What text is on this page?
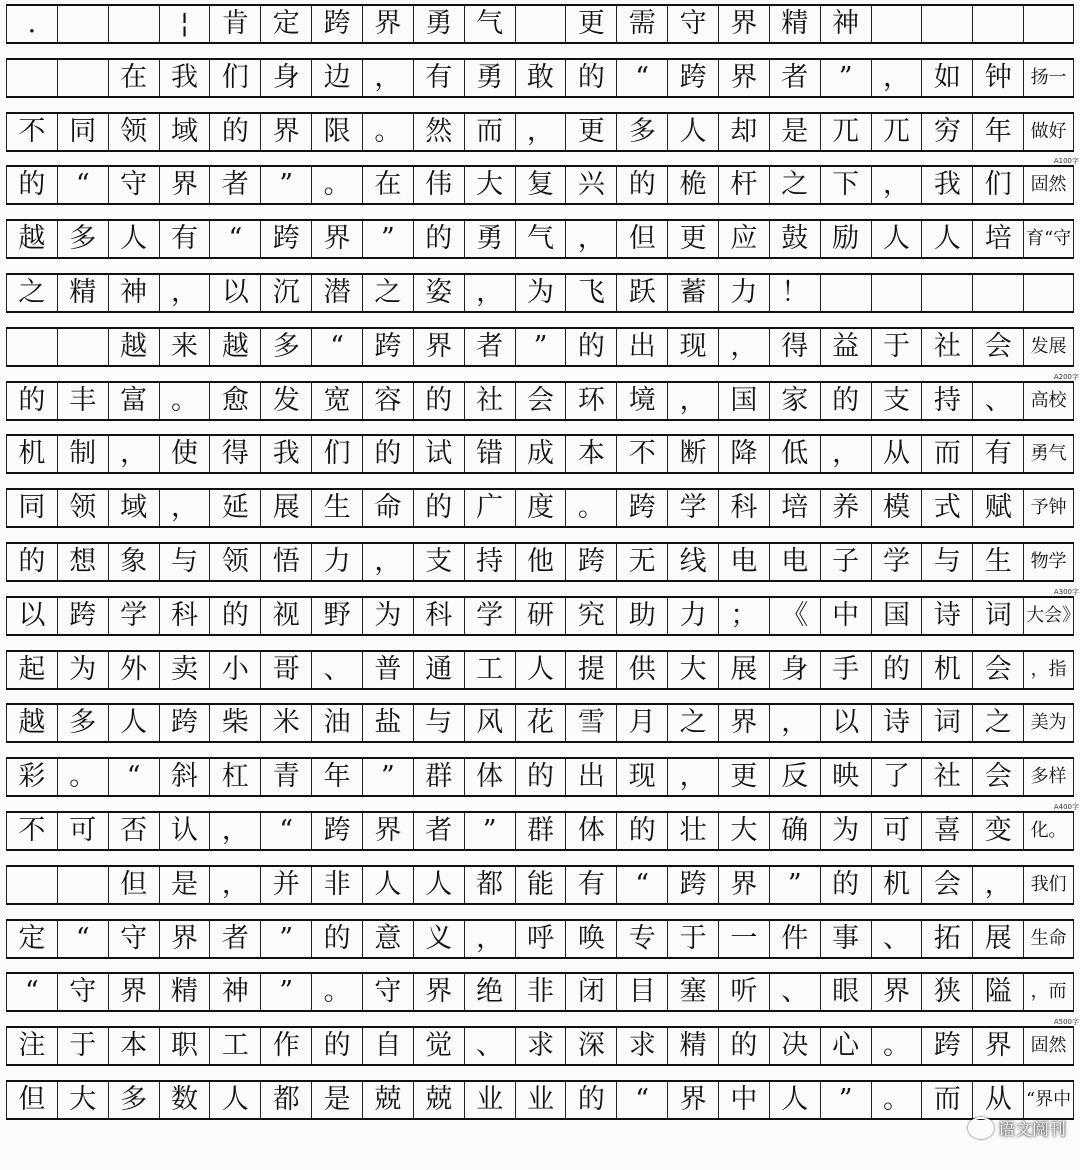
.	¦	肯 定 跨 界 勇 气	更 需 守 界 精 神
在 我 们 身 边 ， 有 勇 敢 的	“	跨 界 者	”	， 如 钟	扬一
不 同 领 域 的 界 限 。 然 而 ， 更 多 人 却 是 兀 兀 穷 年	做好
的	“	守 界 者	”	。 在 伟 大 复 兴 的 桅 杆 之 下 ， 我 们	固然
A100字
越 多 人 有	“	跨 界	”	的 勇 气 ， 但 更 应 鼓 励 人 人 培 育“守
之 精 神 ， 以 沉 潜 之 姿 ， 为 飞 跃 蓄 力 ！
越 来 越 多	“	跨 界 者	”	的 出 现 ， 得 益 于 社 会	发展
的 丰 富 。 愈 发 宽 容 的 社 会 环 境 ， 国 家 的 支 持 、	高校
A200字
机 制 ， 使 得 我 们 的 试 错 成 本 不 断 降 低 ， 从 而 有	勇气
同 领 域 ， 延 展 生 命 的 广 度 。 跨 学 科 培 养 模 式 赋	予钟
的 想 象 与 领 悟 力 ， 支 持 他 跨 无 线 电 电 子 学 与 生	物学
以 跨 学 科 的 视 野 为 科 学 研 究 助 力 ； 《 中 国 诗 词 大会》
A300字
起 为 外 卖 小 哥 、 普 通 工 人 提 供 大 展 身 手 的 机 会	，指
越 多 人 跨 柴 米 油 盐 与 风 花 雪 月 之 界 ， 以 诗 词 之	美为
彩 。	“	斜 杠 青 年	”	群 体 的 出 现 ， 更 反 映 了 社 会	多样
不 可 否 认 ，	“	跨 界 者	”	群 体 的 壮 大 确 为 可 喜 变	化。
A400字
但 是 ， 并 非 人 人 都 能 有	“	跨 界	”	的 机 会 ，	我们
定	“	守 界 者	”	的 意 义 ， 呼 唤 专 于 一 件 事 、 拓 展	生命
“	守 界 精 神	”	。 守 界 绝 非 闭 目 塞 听 、 眼 界 狭 隘	，而
注 于 本 职 工 作 的 自 觉 、 求 深 求 精 的 决 心 。 跨 界	固然
A500字
但 大 多 数 人 都 是 兢 兢 业 业 的	“	界 中 人	”	。 而 从 “界中
语文阅刊
